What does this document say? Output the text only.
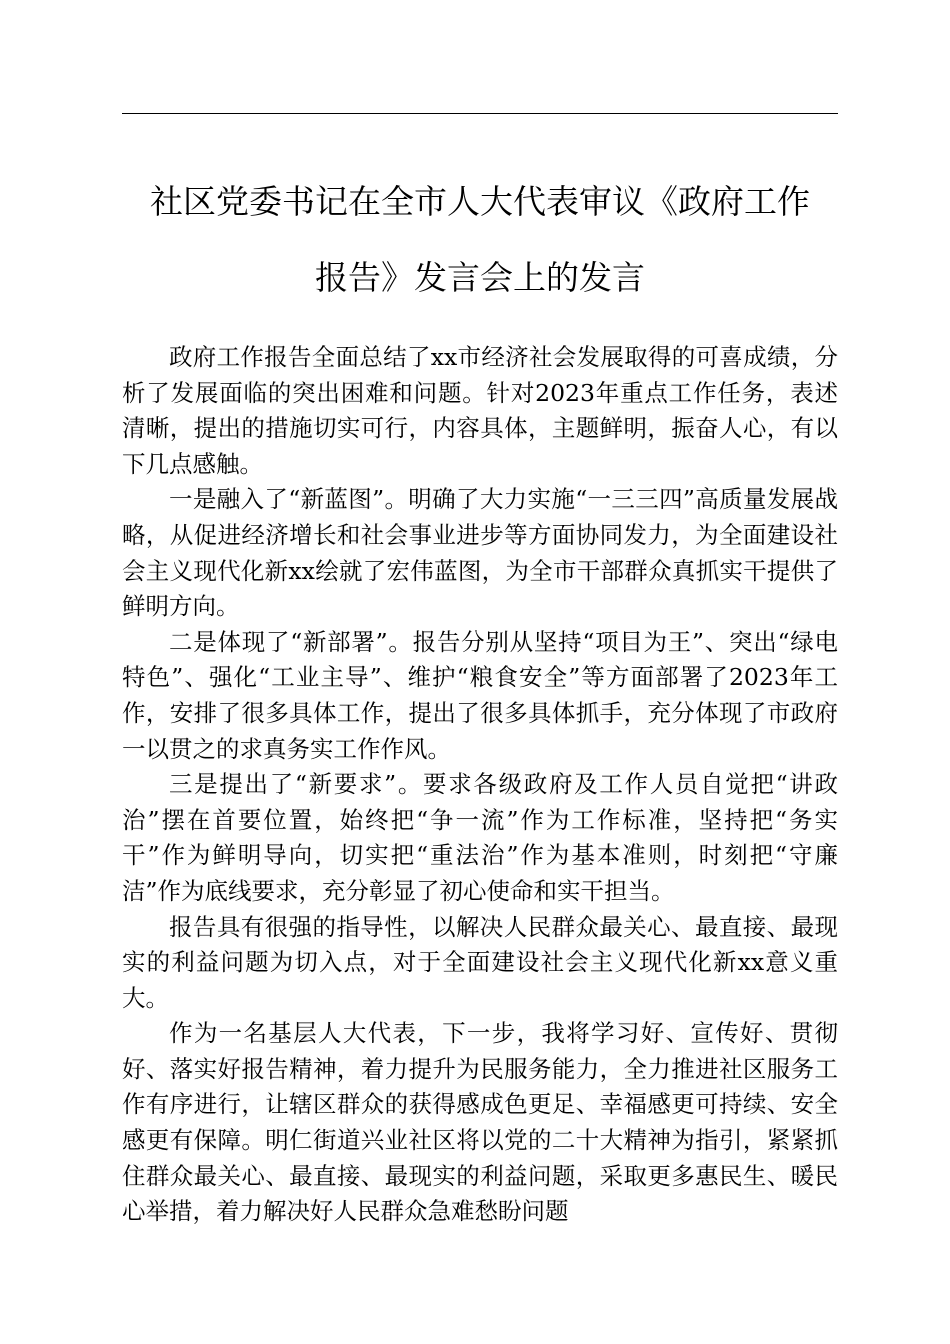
社区党委书记在全市人大代表审议《政府工作
报告》发言会上的发言

政府工作报告全面总结了xx市经济社会发展取得的可喜成绩，分析了发展面临的突出困难和问题。针对2023年重点工作任务，表述清晰，提出的措施切实可行，内容具体，主题鲜明，振奋人心，有以下几点感触。

一是融入了“新蓝图”。明确了大力实施“一三三四”高质量发展战略，从促进经济增长和社会事业进步等方面协同发力，为全面建设社会主义现代化新xx绘就了宏伟蓝图，为全市干部群众真抓实干提供了鲜明方向。

二是体现了“新部署”。报告分别从坚持“项目为王”、突出“绿电特色”、强化“工业主导”、维护“粮食安全”等方面部署了2023年工作，安排了很多具体工作，提出了很多具体抓手，充分体现了市政府一以贯之的求真务实工作作风。

三是提出了“新要求”。要求各级政府及工作人员自觉把“讲政治”摆在首要位置，始终把“争一流”作为工作标准，坚持把“务实干”作为鲜明导向，切实把“重法治”作为基本准则，时刻把“守廉洁”作为底线要求，充分彰显了初心使命和实干担当。

报告具有很强的指导性，以解决人民群众最关心、最直接、最现实的利益问题为切入点，对于全面建设社会主义现代化新xx意义重大。

作为一名基层人大代表，下一步，我将学习好、宣传好、贯彻好、落实好报告精神，着力提升为民服务能力，全力推进社区服务工作有序进行，让辖区群众的获得感成色更足、幸福感更可持续、安全感更有保障。明仁街道兴业社区将以党的二十大精神为指引，紧紧抓住群众最关心、最直接、最现实的利益问题，采取更多惠民生、暖民心举措，着力解决好人民群众急难愁盼问题
